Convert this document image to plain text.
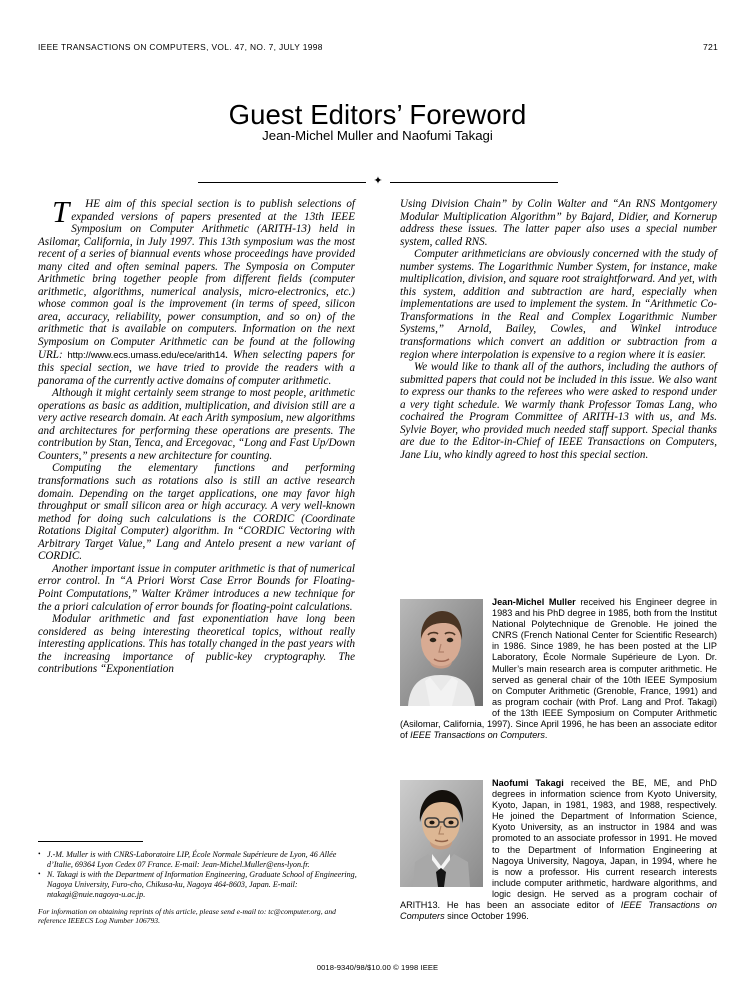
IEEE TRANSACTIONS ON COMPUTERS, VOL. 47, NO. 7, JULY 1998	721
Guest Editors’ Foreword
Jean-Michel Muller and Naofumi Takagi
✦

T HE aim of this special section is to publish selections of expanded versions of papers presented at the 13th IEEE Symposium on Computer Arithmetic (ARITH-13) held in Asilomar, California, in July 1997. This 13th symposium was the most recent of a series of biannual events whose proceedings have provided many cited and often seminal papers. The Symposia on Computer Arithmetic bring together people from different fields (computer arithmetic, algorithms, numerical analysis, micro-electronics, etc.) whose common goal is the improvement (in terms of speed, silicon area, accuracy, reliability, power consumption, and so on) of the arithmetic that is available on computers. Information on the next Symposium on Computer Arithmetic can be found at the following URL: http://www.ecs.umass.edu/ece/arith14. When selecting papers for this special section, we have tried to provide the readers with a panorama of the currently active domains of computer arithmetic.

Although it might certainly seem strange to most people, arithmetic operations as basic as addition, multiplication, and division still are a very active research domain. At each Arith symposium, new algorithms and architectures for performing these operations are presents. The contribution by Stan, Tenca, and Ercegovac, “Long and Fast Up/Down Counters,” presents a new architecture for counting.

Computing the elementary functions and performing transformations such as rotations also is still an active research domain. Depending on the target applications, one may favor high throughput or small silicon area or high accuracy. A very well-known method for doing such calculations is the CORDIC (Coordinate Rotations Digital Computer) algorithm. In “CORDIC Vectoring with Arbitrary Target Value,” Lang and Antelo present a new variant of CORDIC.

Another important issue in computer arithmetic is that of numerical error control. In “A Priori Worst Case Error Bounds for Floating-Point Computations,” Walter Krämer introduces a new technique for the a priori calculation of error bounds for floating-point calculations.

Modular arithmetic and fast exponentiation have long been considered as being interesting theoretical topics, without really interesting applications. This has totally changed in the past years with the increasing importance of public-key cryptography. The contributions “Exponentiation

• J.-M. Muller is with CNRS-Laboratoire LIP, École Normale Supérieure de Lyon, 46 Allée d’Italie, 69364 Lyon Cedex 07 France. E-mail: Jean-Michel.Muller@ens-lyon.fr.
• N. Takagi is with the Department of Information Engineering, Graduate School of Engineering, Nagoya University, Furo-cho, Chikusa-ku, Nagoya 464-8603, Japan. E-mail: ntakagi@nuie.nagoya-u.ac.jp.
For information on obtaining reprints of this article, please send e-mail to: tc@computer.org, and reference IEEECS Log Number 106793.

Using Division Chain” by Colin Walter and “An RNS Montgomery Modular Multiplication Algorithm” by Bajard, Didier, and Kornerup address these issues. The latter paper also uses a special number system, called RNS.

Computer arithmeticians are obviously concerned with the study of number systems. The Logarithmic Number System, for instance, make multiplication, division, and square root straightforward. And yet, with this system, addition and subtraction are hard, especially when implementations are used to implement the system. In “Arithmetic Co-Transformations in the Real and Complex Logarithmic Number Systems,” Arnold, Bailey, Cowles, and Winkel introduce transformations which convert an addition or subtraction from a region where interpolation is expensive to a region where it is easier.

We would like to thank all of the authors, including the authors of submitted papers that could not be included in this issue. We also want to express our thanks to the referees who were asked to respond under a very tight schedule. We warmly thank Professor Tomas Lang, who cochaired the Program Committee of ARITH-13 with us, and Ms. Sylvie Boyer, who provided much needed staff support. Special thanks are due to the Editor-in-Chief of IEEE Transactions on Computers, Jane Liu, who kindly agreed to host this special section.

Jean-Michel Muller received his Engineer degree in 1983 and his PhD degree in 1985, both from the Institut National Polytechnique de Grenoble. He joined the CNRS (French National Center for Scientific Research) in 1986. Since 1989, he has been posted at the LIP Laboratory, École Normale Supérieure de Lyon. Dr. Muller’s main research area is computer arithmetic. He served as general chair of the 10th IEEE Symposium on Computer Arithmetic (Grenoble, France, 1991) and as program cochair (with Prof. Lang and Prof. Takagi) of the 13th IEEE Symposium on Computer Arithmetic (Asilomar, California, 1997). Since April 1996, he has been an associate editor of IEEE Transactions on Computers.

Naofumi Takagi received the BE, ME, and PhD degrees in information science from Kyoto University, Kyoto, Japan, in 1981, 1983, and 1988, respectively. He joined the Department of Information Science, Kyoto University, as an instructor in 1984 and was promoted to an associate professor in 1991. He moved to the Department of Information Engineering at Nagoya University, Nagoya, Japan, in 1994, where he is now a professor. His current research interests include computer arithmetic, hardware algorithms, and logic design. He served as a program cochair of ARITH13. He has been an associate editor of IEEE Transactions on Computers since October 1996.

0018-9340/98/$10.00 © 1998 IEEE
